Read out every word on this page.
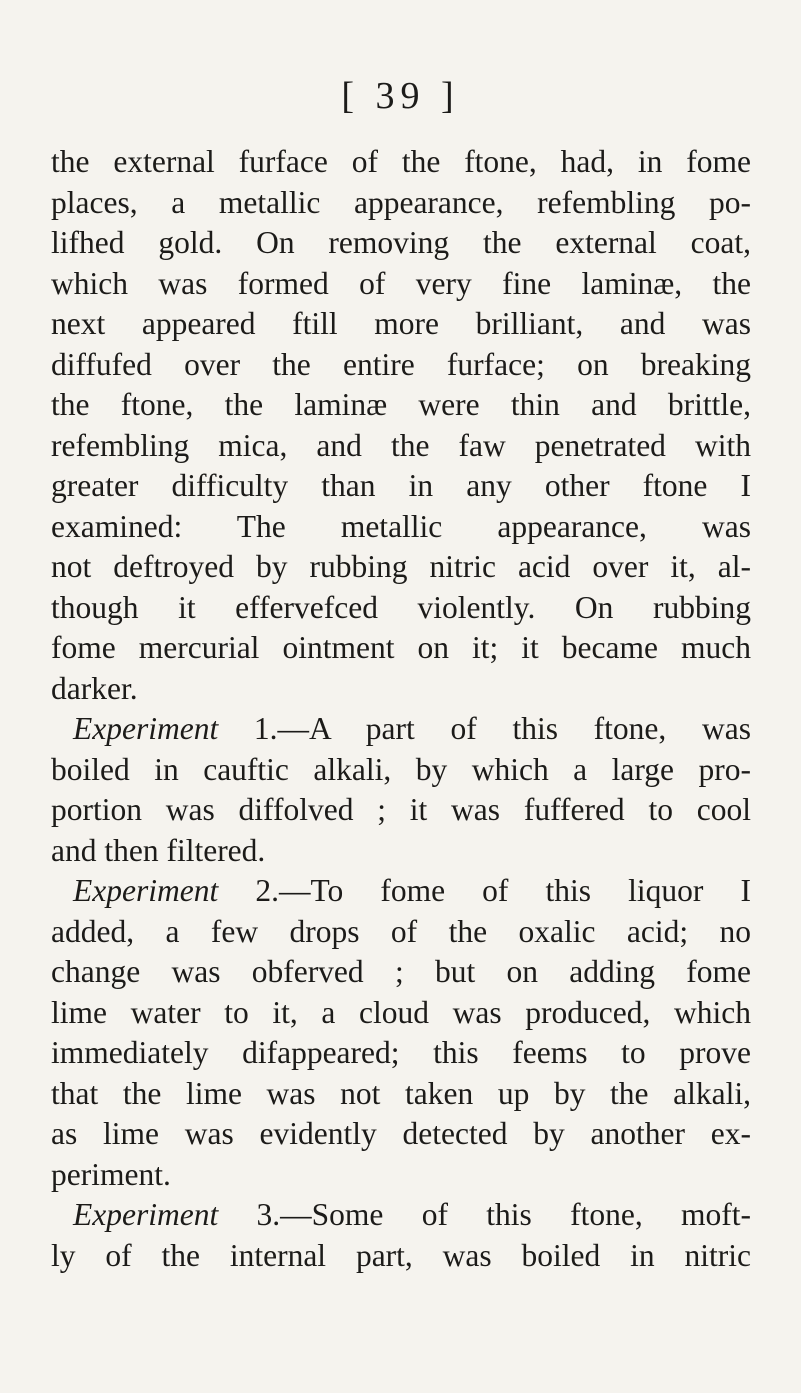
[ 39 ]
the external furface of the ftone, had, in fome
places, a metallic appearance, refembling po-
lifhed gold. On removing the external coat,
which was formed of very fine laminæ, the
next appeared ftill more brilliant, and was
diffufed over the entire furface; on breaking
the ftone, the laminæ were thin and brittle,
refembling mica, and the faw penetrated with
greater difficulty than in any other ftone I
examined: The metallic appearance, was
not deftroyed by rubbing nitric acid over it, al-
though it effervefced violently. On rubbing
fome mercurial ointment on it; it became much
darker.
Experiment 1.—A part of this ftone, was
boiled in cauftic alkali, by which a large pro-
portion was diffolved ; it was fuffered to cool
and then filtered.
Experiment 2.—To fome of this liquor I
added, a few drops of the oxalic acid; no
change was obferved ; but on adding fome
lime water to it, a cloud was produced, which
immediately difappeared; this feems to prove
that the lime was not taken up by the alkali,
as lime was evidently detected by another ex-
periment.
Experiment 3.—Some of this ftone, moft-
ly of the internal part, was boiled in nitric
